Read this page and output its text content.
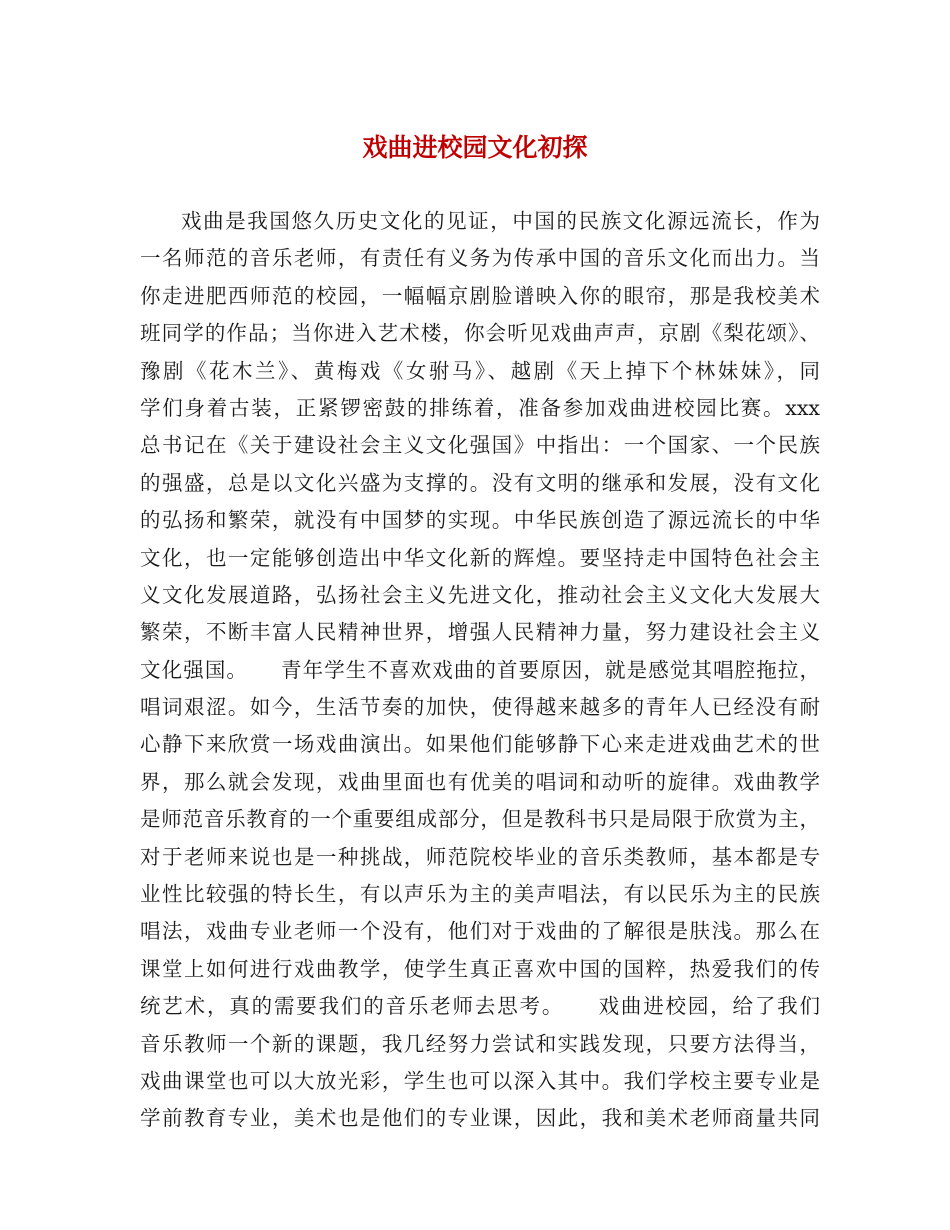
戏曲进校园文化初探
戏曲是我国悠久历史文化的见证，中国的民族文化源远流长，作为
一名师范的音乐老师，有责任有义务为传承中国的音乐文化而出力。当
你走进肥西师范的校园，一幅幅京剧脸谱映入你的眼帘，那是我校美术
班同学的作品；当你进入艺术楼，你会听见戏曲声声，京剧《梨花颂》、
豫剧《花木兰》、黄梅戏《女驸马》、越剧《天上掉下个林妹妹》，同
学们身着古装，正紧锣密鼓的排练着，准备参加戏曲进校园比赛。xxx
总书记在《关于建设社会主义文化强国》中指出：一个国家、一个民族
的强盛，总是以文化兴盛为支撑的。没有文明的继承和发展，没有文化
的弘扬和繁荣，就没有中国梦的实现。中华民族创造了源远流长的中华
文化，也一定能够创造出中华文化新的辉煌。要坚持走中国特色社会主
义文化发展道路，弘扬社会主义先进文化，推动社会主义文化大发展大
繁荣，不断丰富人民精神世界，增强人民精神力量，努力建设社会主义
文化强国。　　青年学生不喜欢戏曲的首要原因，就是感觉其唱腔拖拉，
唱词艰涩。如今，生活节奏的加快，使得越来越多的青年人已经没有耐
心静下来欣赏一场戏曲演出。如果他们能够静下心来走进戏曲艺术的世
界，那么就会发现，戏曲里面也有优美的唱词和动听的旋律。戏曲教学
是师范音乐教育的一个重要组成部分，但是教科书只是局限于欣赏为主，
对于老师来说也是一种挑战，师范院校毕业的音乐类教师，基本都是专
业性比较强的特长生，有以声乐为主的美声唱法，有以民乐为主的民族
唱法，戏曲专业老师一个没有，他们对于戏曲的了解很是肤浅。那么在
课堂上如何进行戏曲教学，使学生真正喜欢中国的国粹，热爱我们的传
统艺术，真的需要我们的音乐老师去思考。　　戏曲进校园，给了我们
音乐教师一个新的课题，我几经努力尝试和实践发现，只要方法得当，
戏曲课堂也可以大放光彩，学生也可以深入其中。我们学校主要专业是
学前教育专业，美术也是他们的专业课，因此，我和美术老师商量共同
